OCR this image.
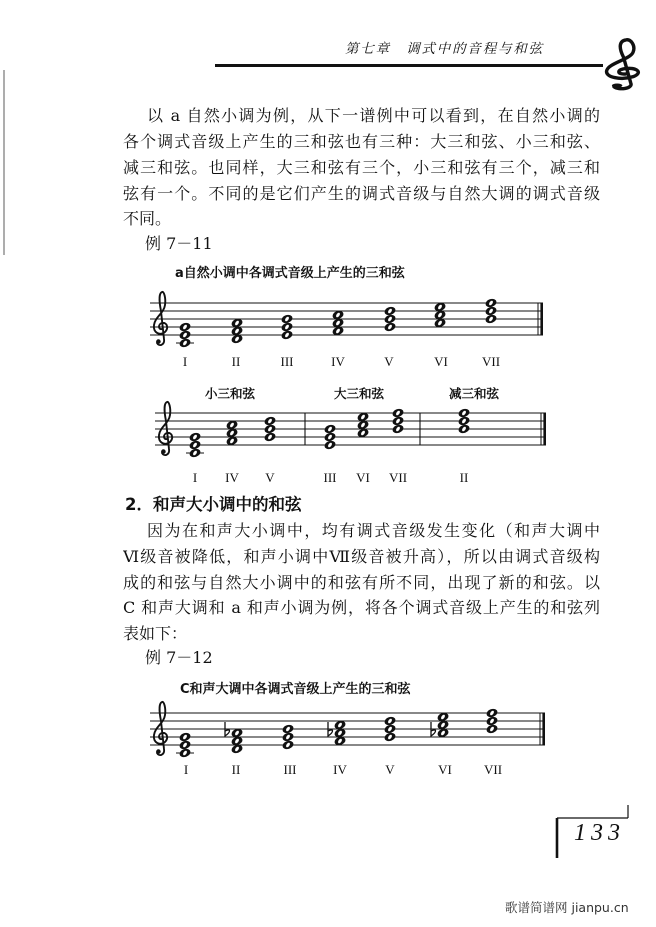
第七章　调式中的音程与和弦
以 a 自然小调为例，从下一谱例中可以看到，在自然小调的
各个调式音级上产生的三和弦也有三种：大三和弦、小三和弦、
减三和弦。也同样，大三和弦有三个，小三和弦有三个，减三和
弦有一个。不同的是它们产生的调式音级与自然大调的调式音级
不同。
例 7－11
a自然小调中各调式音级上产生的三和弦
I	II	III	IV	V	VI	VII
小三和弦	大三和弦	减三和弦
I IV V	III VI VII	II
2．和声大小调中的和弦
因为在和声大小调中，均有调式音级发生变化（和声大调中
Ⅵ级音被降低，和声小调中Ⅶ级音被升高），所以由调式音级构
成的和弦与自然大小调中的和弦有所不同，出现了新的和弦。以
C 和声大调和 a 和声小调为例，将各个调式音级上产生的和弦列
表如下：
例 7－12
C和声大调中各调式音级上产生的三和弦
I	II	III	IV	V	VI VII
133
歌谱简谱网 jianpu.cn
